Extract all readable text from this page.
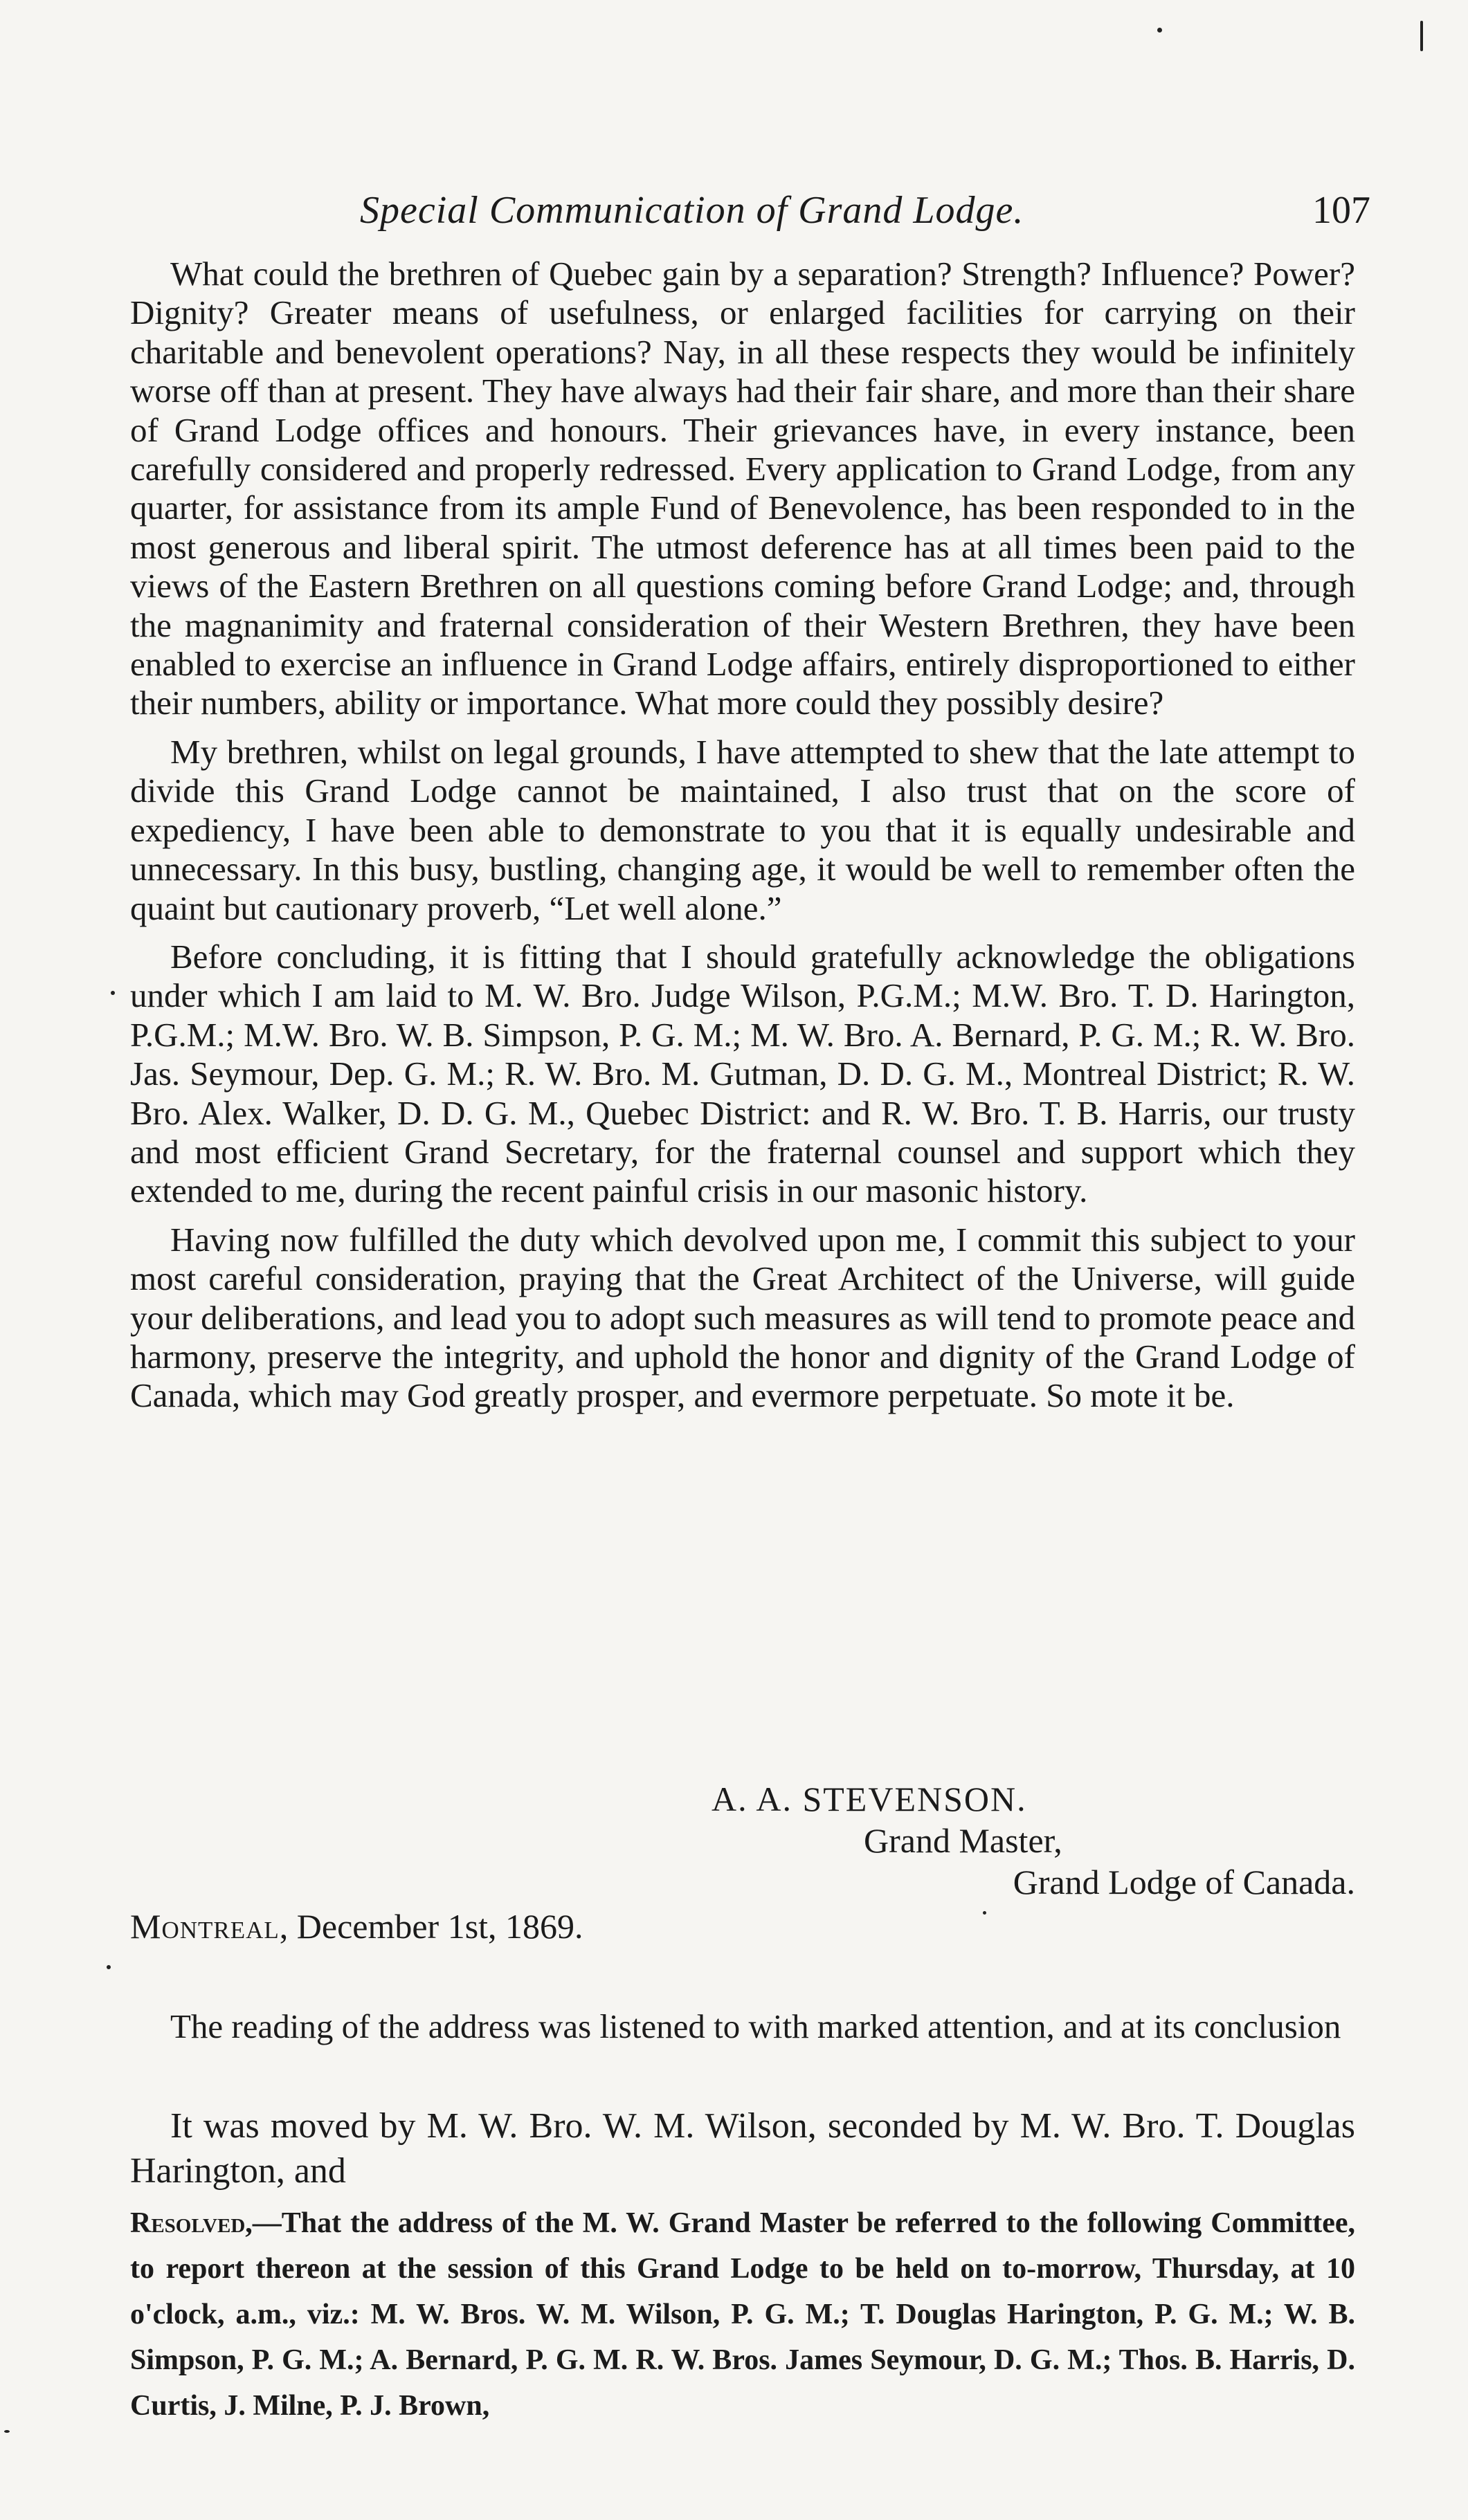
Special Communication of Grand Lodge.	107

What could the brethren of Quebec gain by a separation? Strength? Influence? Power? Dignity? Greater means of usefulness, or enlarged facilities for carrying on their charitable and benevolent operations? Nay, in all these respects they would be infinitely worse off than at present. They have always had their fair share, and more than their share of Grand Lodge offices and honours. Their grievances have, in every instance, been carefully considered and properly redressed. Every application to Grand Lodge, from any quarter, for assistance from its ample Fund of Benevolence, has been responded to in the most generous and liberal spirit. The utmost deference has at all times been paid to the views of the Eastern Brethren on all questions coming before Grand Lodge; and, through the magnanimity and fraternal consideration of their Western Brethren, they have been enabled to exercise an influence in Grand Lodge affairs, entirely disproportioned to either their numbers, ability or importance. What more could they possibly desire?

My brethren, whilst on legal grounds, I have attempted to shew that the late attempt to divide this Grand Lodge cannot be maintained, I also trust that on the score of expediency, I have been able to demonstrate to you that it is equally undesirable and unnecessary. In this busy, bustling, changing age, it would be well to remember often the quaint but cautionary proverb, “Let well alone.”

Before concluding, it is fitting that I should gratefully acknowledge the obligations under which I am laid to M. W. Bro. Judge Wilson, P.G.M.; M.W. Bro. T. D. Harington, P.G.M.; M.W. Bro. W. B. Simpson, P. G. M.; M. W. Bro. A. Bernard, P. G. M.; R. W. Bro. Jas. Seymour, Dep. G. M.; R. W. Bro. M. Gutman, D. D. G. M., Montreal District; R. W. Bro. Alex. Walker, D. D. G. M., Quebec District: and R. W. Bro. T. B. Harris, our trusty and most efficient Grand Secretary, for the fraternal counsel and support which they extended to me, during the recent painful crisis in our masonic history.

Having now fulfilled the duty which devolved upon me, I commit this subject to your most careful consideration, praying that the Great Architect of the Universe, will guide your deliberations, and lead you to adopt such measures as will tend to promote peace and harmony, preserve the integrity, and uphold the honor and dignity of the Grand Lodge of Canada, which may God greatly prosper, and evermore perpetuate. So mote it be.

A. A. STEVENSON.
Grand Master,
Grand Lodge of Canada.
Montreal, December 1st, 1869.

The reading of the address was listened to with marked attention, and at its conclusion

It was moved by M. W. Bro. W. M. Wilson, seconded by M. W. Bro. T. Douglas Harington, and

Resolved,—That the address of the M. W. Grand Master be referred to the following Committee, to report thereon at the session of this Grand Lodge to be held on to-morrow, Thursday, at 10 o'clock, a.m., viz.: M. W. Bros. W. M. Wilson, P. G. M.; T. Douglas Harington, P. G. M.; W. B. Simpson, P. G. M.; A. Bernard, P. G. M. R. W. Bros. James Seymour, D. G. M.; Thos. B. Harris, D. Curtis, J. Milne, P. J. Brown,
